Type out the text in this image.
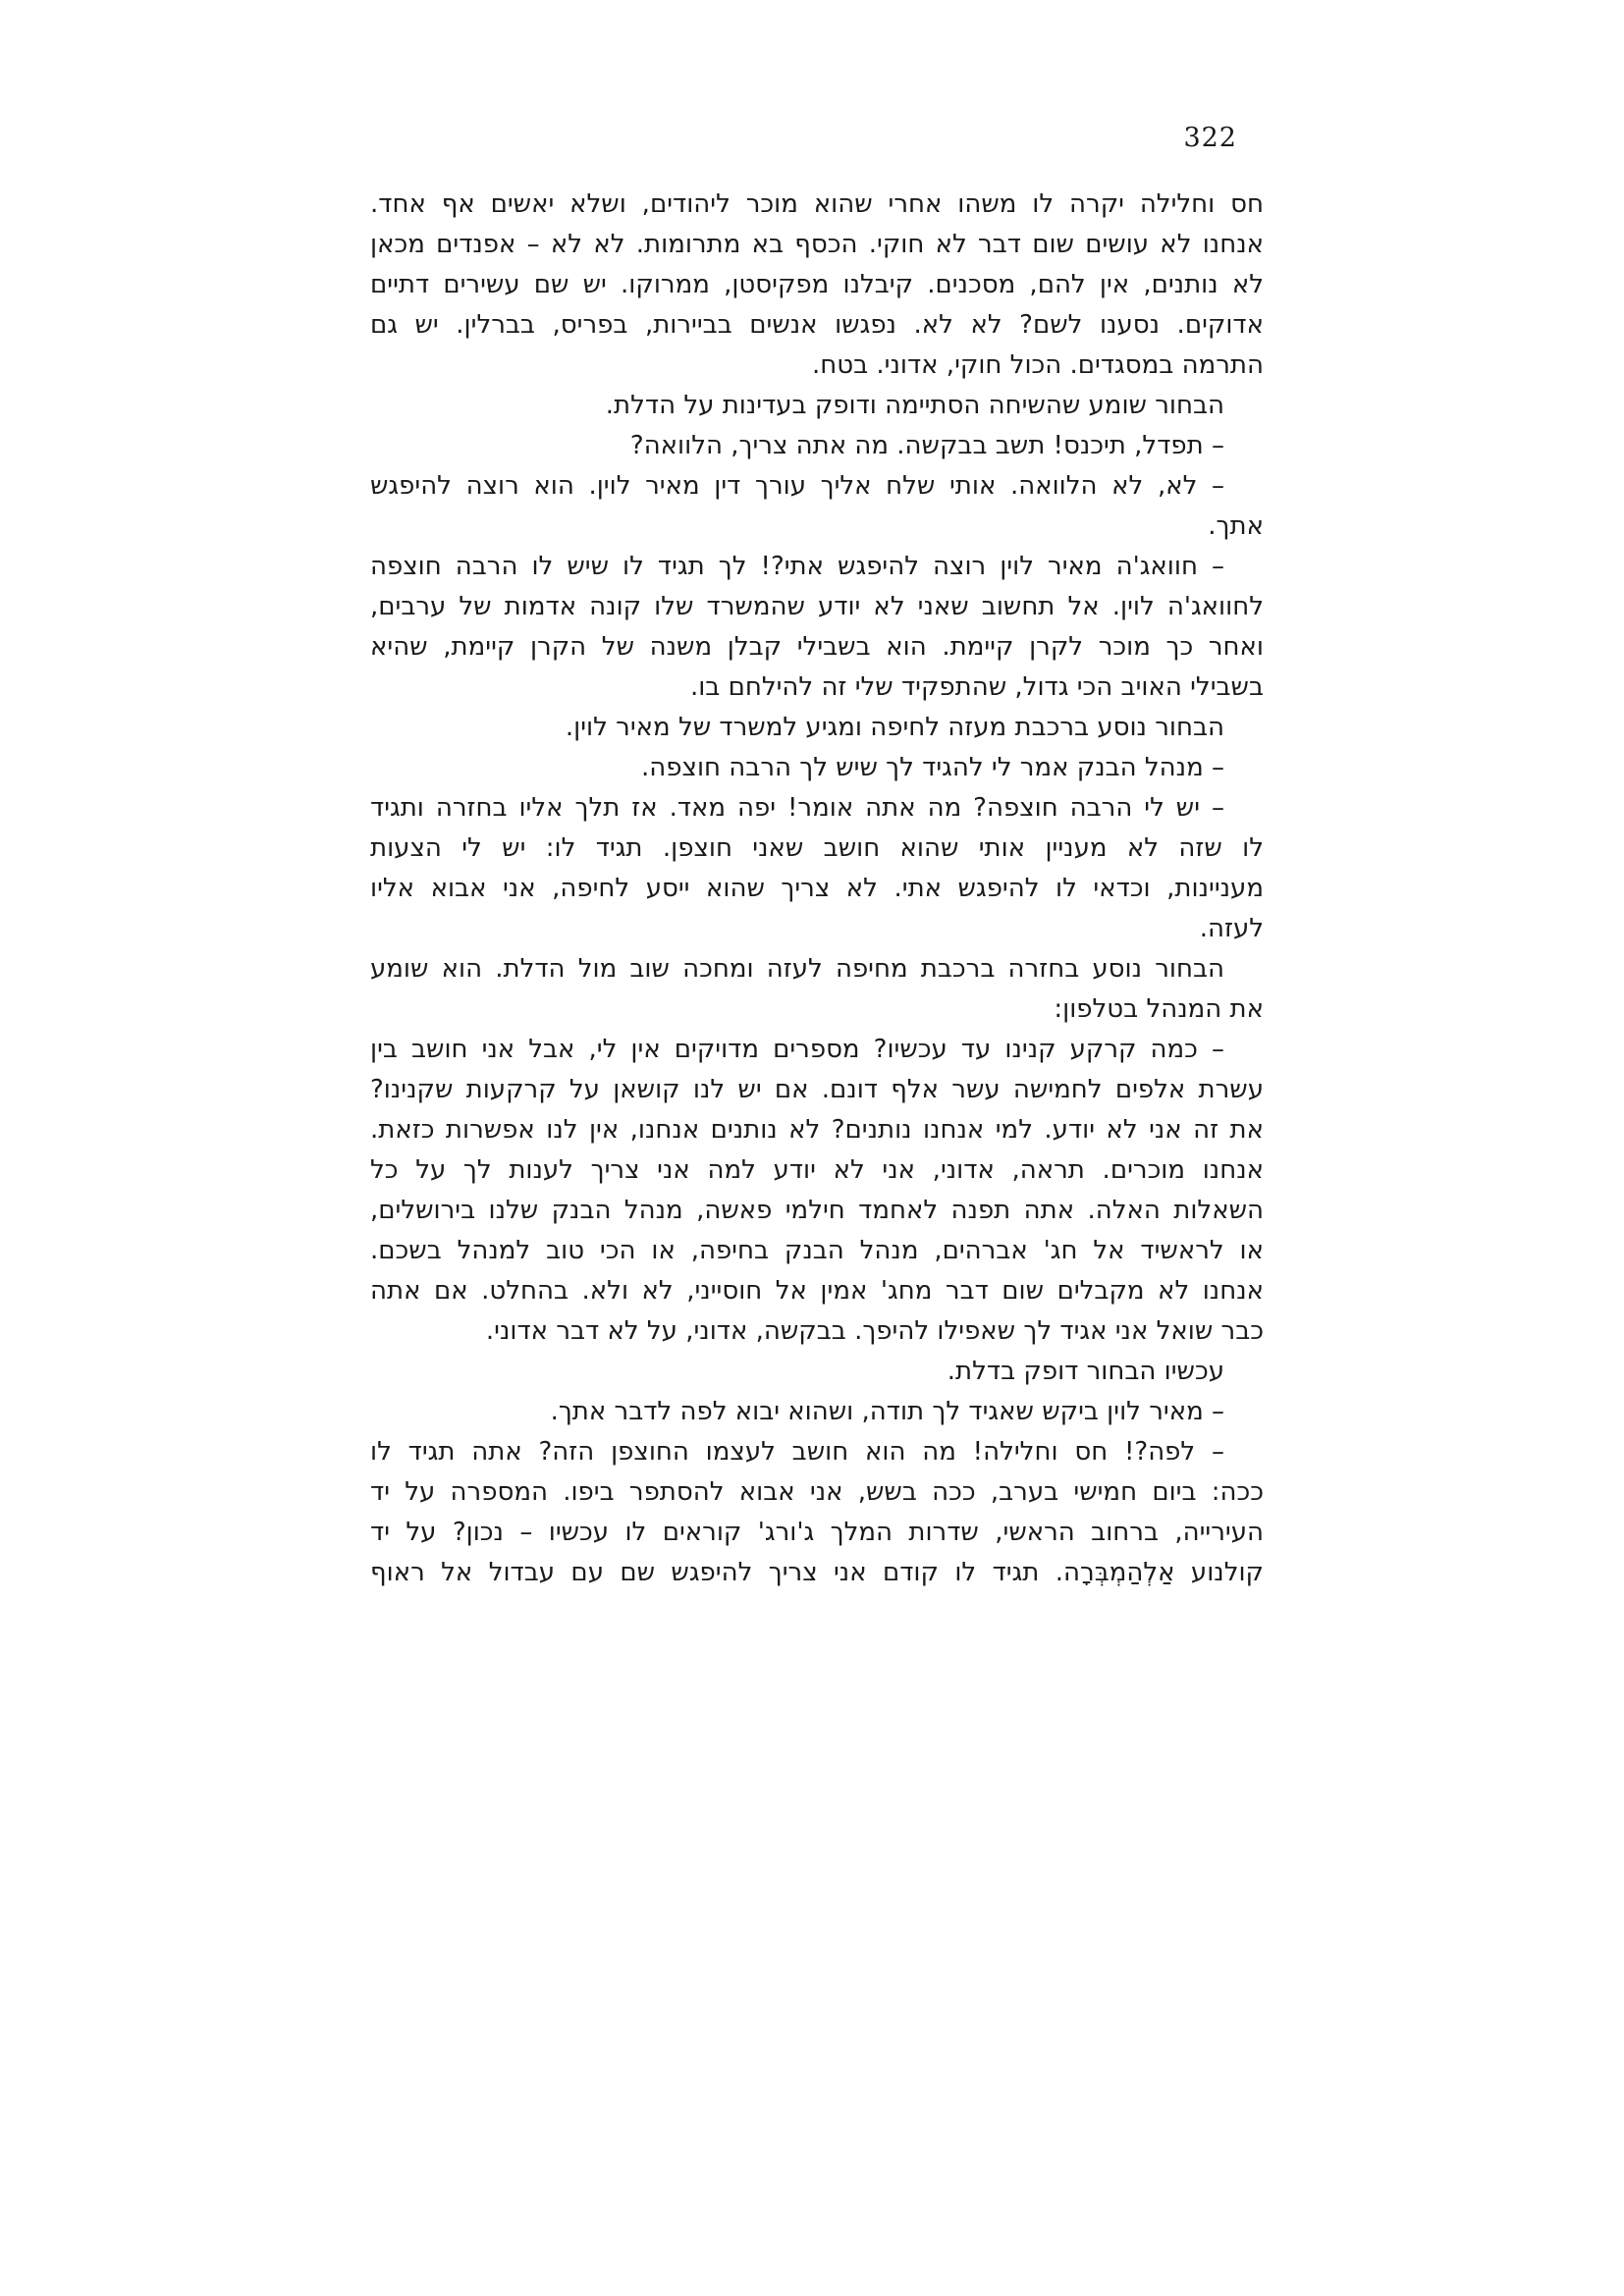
322
חס וחלילה יקרה לו משהו אחרי שהוא מוכר ליהודים, ושלא יאשים אף אחד.
אנחנו לא עושים שום דבר לא חוקי. הכסף בא מתרומות. לא לא – אפנדים מכאן
לא נותנים, אין להם, מסכנים. קיבלנו מפקיסטן, ממרוקו. יש שם עשירים דתיים
אדוקים. נסענו לשם? לא לא. נפגשו אנשים בביירות, בפריס, בברלין. יש גם
התרמה במסגדים. הכול חוקי, אדוני. בטח.
הבחור שומע שהשיחה הסתיימה ודופק בעדינות על הדלת.
– תפדל, תיכנס! תשב בבקשה. מה אתה צריך, הלוואה?
– לא, לא הלוואה. אותי שלח אליך עורך דין מאיר לוין. הוא רוצה להיפגש
אתך.
– חוואג'ה מאיר לוין רוצה להיפגש אתי?! לך תגיד לו שיש לו הרבה חוצפה
לחוואג'ה לוין. אל תחשוב שאני לא יודע שהמשרד שלו קונה אדמות של ערבים,
ואחר כך מוכר לקרן קיימת. הוא בשבילי קבלן משנה של הקרן קיימת, שהיא
בשבילי האויב הכי גדול, שהתפקיד שלי זה להילחם בו.
הבחור נוסע ברכבת מעזה לחיפה ומגיע למשרד של מאיר לוין.
– מנהל הבנק אמר לי להגיד לך שיש לך הרבה חוצפה.
– יש לי הרבה חוצפה? מה אתה אומר! יפה מאד. אז תלך אליו בחזרה ותגיד
לו שזה לא מעניין אותי שהוא חושב שאני חוצפן. תגיד לו: יש לי הצעות
מעניינות, וכדאי לו להיפגש אתי. לא צריך שהוא ייסע לחיפה, אני אבוא אליו
לעזה.
הבחור נוסע בחזרה ברכבת מחיפה לעזה ומחכה שוב מול הדלת. הוא שומע
את המנהל בטלפון:
– כמה קרקע קנינו עד עכשיו? מספרים מדויקים אין לי, אבל אני חושב בין
עשרת אלפים לחמישה עשר אלף דונם. אם יש לנו קושאן על קרקעות שקנינו?
את זה אני לא יודע. למי אנחנו נותנים? לא נותנים אנחנו, אין לנו אפשרות כזאת.
אנחנו מוכרים. תראה, אדוני, אני לא יודע למה אני צריך לענות לך על כל
השאלות האלה. אתה תפנה לאחמד חילמי פאשה, מנהל הבנק שלנו בירושלים,
או לראשיד אל חג' אברהים, מנהל הבנק בחיפה, או הכי טוב למנהל בשכם.
אנחנו לא מקבלים שום דבר מחג' אמין אל חוסייני, לא ולא. בהחלט. אם אתה
כבר שואל אני אגיד לך שאפילו להיפך. בבקשה, אדוני, על לא דבר אדוני.
עכשיו הבחור דופק בדלת.
– מאיר לוין ביקש שאגיד לך תודה, ושהוא יבוא לפה לדבר אתך.
– לפה?! חס וחלילה! מה הוא חושב לעצמו החוצפן הזה? אתה תגיד לו
ככה: ביום חמישי בערב, ככה בשש, אני אבוא להסתפר ביפו. המספרה על יד
העירייה, ברחוב הראשי, שדרות המלך ג'ורג' קוראים לו עכשיו – נכון? על יד
קולנוע אַלְהַמְבְּרָה. תגיד לו קודם אני צריך להיפגש שם עם עבדול אל ראוף
